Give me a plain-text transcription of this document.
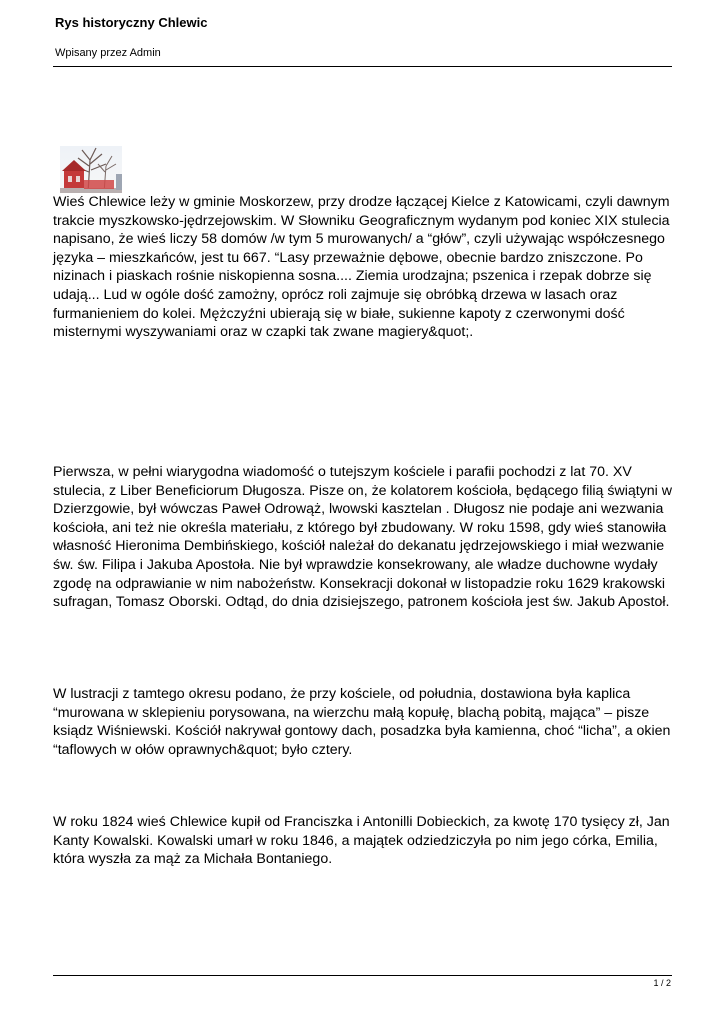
Rys historyczny Chlewic
Wpisany przez Admin

Wieś Chlewice leży w gminie Moskorzew, przy drodze łączącej Kielce z Katowicami, czyli dawnym trakcie myszkowsko-jędrzejowskim. W Słowniku Geograficznym wydanym pod koniec XIX stulecia napisano, że wieś liczy 58 domów /w tym 5 murowanych/ a “głów”, czyli używając współczesnego języka – mieszkańców, jest tu 667. “Lasy przeważnie dębowe, obecnie bardzo zniszczone. Po nizinach i piaskach rośnie niskopienna sosna.... Ziemia urodzajna; pszenica i rzepak dobrze się udają... Lud w ogóle dość zamożny, oprócz roli zajmuje się obróbką drzewa w lasach oraz furmanieniem do kolei. Mężczyźni ubierają się w białe, sukienne kapoty z czerwonymi dość misternymi wyszywaniami oraz w czapki tak zwane magiery&quot;.

Pierwsza, w pełni wiarygodna wiadomość o tutejszym kościele i parafii pochodzi z lat 70. XV stulecia, z Liber Beneficiorum Długosza. Pisze on, że kolatorem kościoła, będącego filią świątyni w Dzierzgowie, był wówczas Paweł Odrowąż, lwowski kasztelan . Długosz nie podaje ani wezwania kościoła, ani też nie określa materiału, z którego był zbudowany. W roku 1598, gdy wieś stanowiła własność Hieronima Dembińskiego, kościół należał do dekanatu jędrzejowskiego i miał wezwanie św. św. Filipa i Jakuba Apostoła. Nie był wprawdzie konsekrowany, ale władze duchowne wydały zgodę na odprawianie w nim nabożeństw. Konsekracji dokonał w listopadzie roku 1629 krakowski sufragan, Tomasz Oborski. Odtąd, do dnia dzisiejszego, patronem kościoła jest św. Jakub Apostoł.

W lustracji z tamtego okresu podano, że przy kościele, od południa, dostawiona była kaplica “murowana w sklepieniu porysowana, na wierzchu małą kopułę, blachą pobitą, mająca” – pisze ksiądz Wiśniewski. Kościół nakrywał gontowy dach, posadzka była kamienna, choć “licha”, a okien “taflowych w ołów oprawnych&quot; było cztery.

W roku 1824 wieś Chlewice kupił od Franciszka i Antonilli Dobieckich, za kwotę 170 tysięcy zł, Jan Kanty Kowalski. Kowalski umarł w roku 1846, a majątek odziedziczyła po nim jego córka, Emilia, która wyszła za mąż za Michała Bontaniego.

1 / 2
